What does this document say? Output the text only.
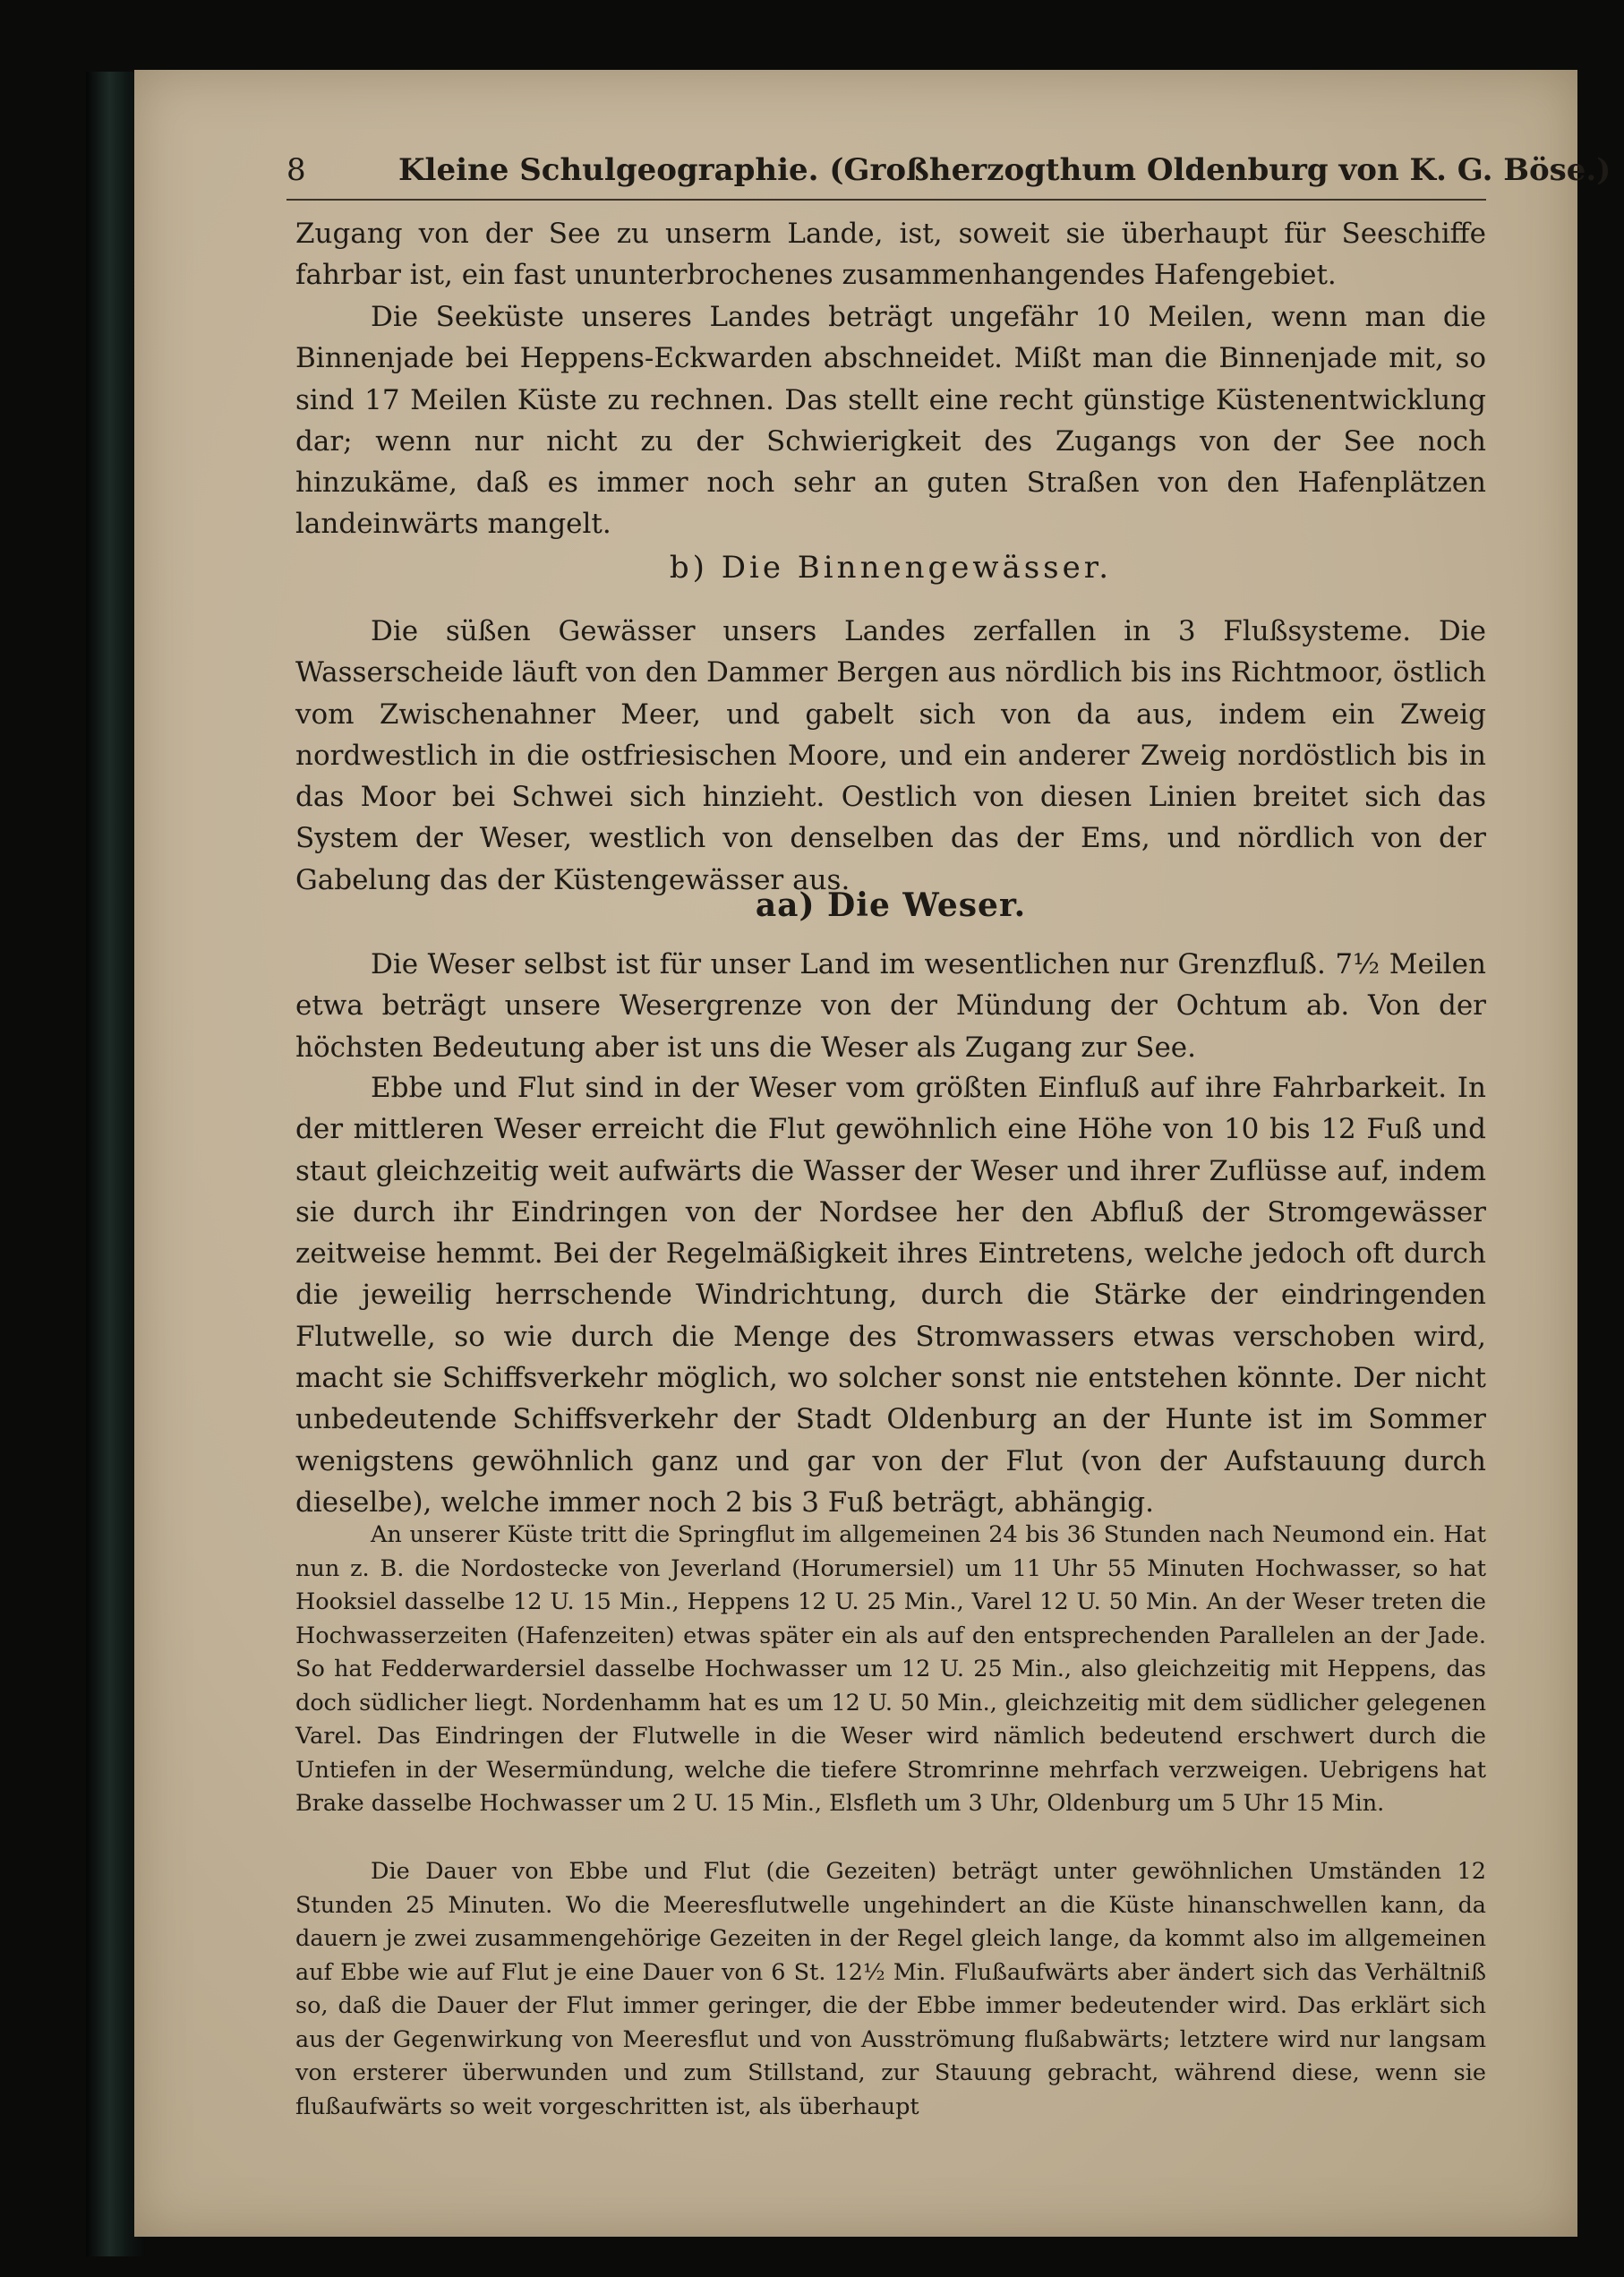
8	Kleine Schulgeographie. (Großherzogthum Oldenburg von K. G. Böse.)

Zugang von der See zu unserm Lande, ist, soweit sie überhaupt für Seeschiffe fahrbar ist, ein fast ununterbrochenes zusammenhangendes Hafengebiet.

Die Seeküste unseres Landes beträgt ungefähr 10 Meilen, wenn man die Binnenjade bei Heppens-Eckwarden abschneidet. Mißt man die Binnenjade mit, so sind 17 Meilen Küste zu rechnen. Das stellt eine recht günstige Küstenentwicklung dar; wenn nur nicht zu der Schwierigkeit des Zugangs von der See noch hinzukäme, daß es immer noch sehr an guten Straßen von den Hafenplätzen landeinwärts mangelt.

b) Die Binnengewässer.

Die süßen Gewässer unsers Landes zerfallen in 3 Flußsysteme. Die Wasserscheide läuft von den Dammer Bergen aus nördlich bis ins Richtmoor, östlich vom Zwischenahner Meer, und gabelt sich von da aus, indem ein Zweig nordwestlich in die ostfriesischen Moore, und ein anderer Zweig nordöstlich bis in das Moor bei Schwei sich hinzieht. Oestlich von diesen Linien breitet sich das System der Weser, westlich von denselben das der Ems, und nördlich von der Gabelung das der Küstengewässer aus.

aa) Die Weser.

Die Weser selbst ist für unser Land im wesentlichen nur Grenzfluß. 7½ Meilen etwa beträgt unsere Wesergrenze von der Mündung der Ochtum ab. Von der höchsten Bedeutung aber ist uns die Weser als Zugang zur See.

Ebbe und Flut sind in der Weser vom größten Einfluß auf ihre Fahrbarkeit. In der mittleren Weser erreicht die Flut gewöhnlich eine Höhe von 10 bis 12 Fuß und staut gleichzeitig weit aufwärts die Wasser der Weser und ihrer Zuflüsse auf, indem sie durch ihr Eindringen von der Nordsee her den Abfluß der Stromgewässer zeitweise hemmt. Bei der Regelmäßigkeit ihres Eintretens, welche jedoch oft durch die jeweilig herrschende Windrichtung, durch die Stärke der eindringenden Flutwelle, so wie durch die Menge des Stromwassers etwas verschoben wird, macht sie Schiffsverkehr möglich, wo solcher sonst nie entstehen könnte. Der nicht unbedeutende Schiffsverkehr der Stadt Oldenburg an der Hunte ist im Sommer wenigstens gewöhnlich ganz und gar von der Flut (von der Aufstauung durch dieselbe), welche immer noch 2 bis 3 Fuß beträgt, abhängig.

An unserer Küste tritt die Springflut im allgemeinen 24 bis 36 Stunden nach Neumond ein. Hat nun z. B. die Nordostecke von Jeverland (Horumersiel) um 11 Uhr 55 Minuten Hochwasser, so hat Hooksiel dasselbe 12 U. 15 Min., Heppens 12 U. 25 Min., Varel 12 U. 50 Min. An der Weser treten die Hochwasserzeiten (Hafenzeiten) etwas später ein als auf den entsprechenden Parallelen an der Jade. So hat Fedderwardersiel dasselbe Hochwasser um 12 U. 25 Min., also gleichzeitig mit Heppens, das doch südlicher liegt. Nordenhamm hat es um 12 U. 50 Min., gleichzeitig mit dem südlicher gelegenen Varel. Das Eindringen der Flutwelle in die Weser wird nämlich bedeutend erschwert durch die Untiefen in der Wesermündung, welche die tiefere Stromrinne mehrfach verzweigen. Uebrigens hat Brake dasselbe Hochwasser um 2 U. 15 Min., Elsfleth um 3 Uhr, Oldenburg um 5 Uhr 15 Min.

Die Dauer von Ebbe und Flut (die Gezeiten) beträgt unter gewöhnlichen Umständen 12 Stunden 25 Minuten. Wo die Meeresflutwelle ungehindert an die Küste hinanschwellen kann, da dauern je zwei zusammengehörige Gezeiten in der Regel gleich lange, da kommt also im allgemeinen auf Ebbe wie auf Flut je eine Dauer von 6 St. 12½ Min. Flußaufwärts aber ändert sich das Verhältniß so, daß die Dauer der Flut immer geringer, die der Ebbe immer bedeutender wird. Das erklärt sich aus der Gegenwirkung von Meeresflut und von Ausströmung flußabwärts; letztere wird nur langsam von ersterer überwunden und zum Stillstand, zur Stauung gebracht, während diese, wenn sie flußaufwärts so weit vorgeschritten ist, als überhaupt
